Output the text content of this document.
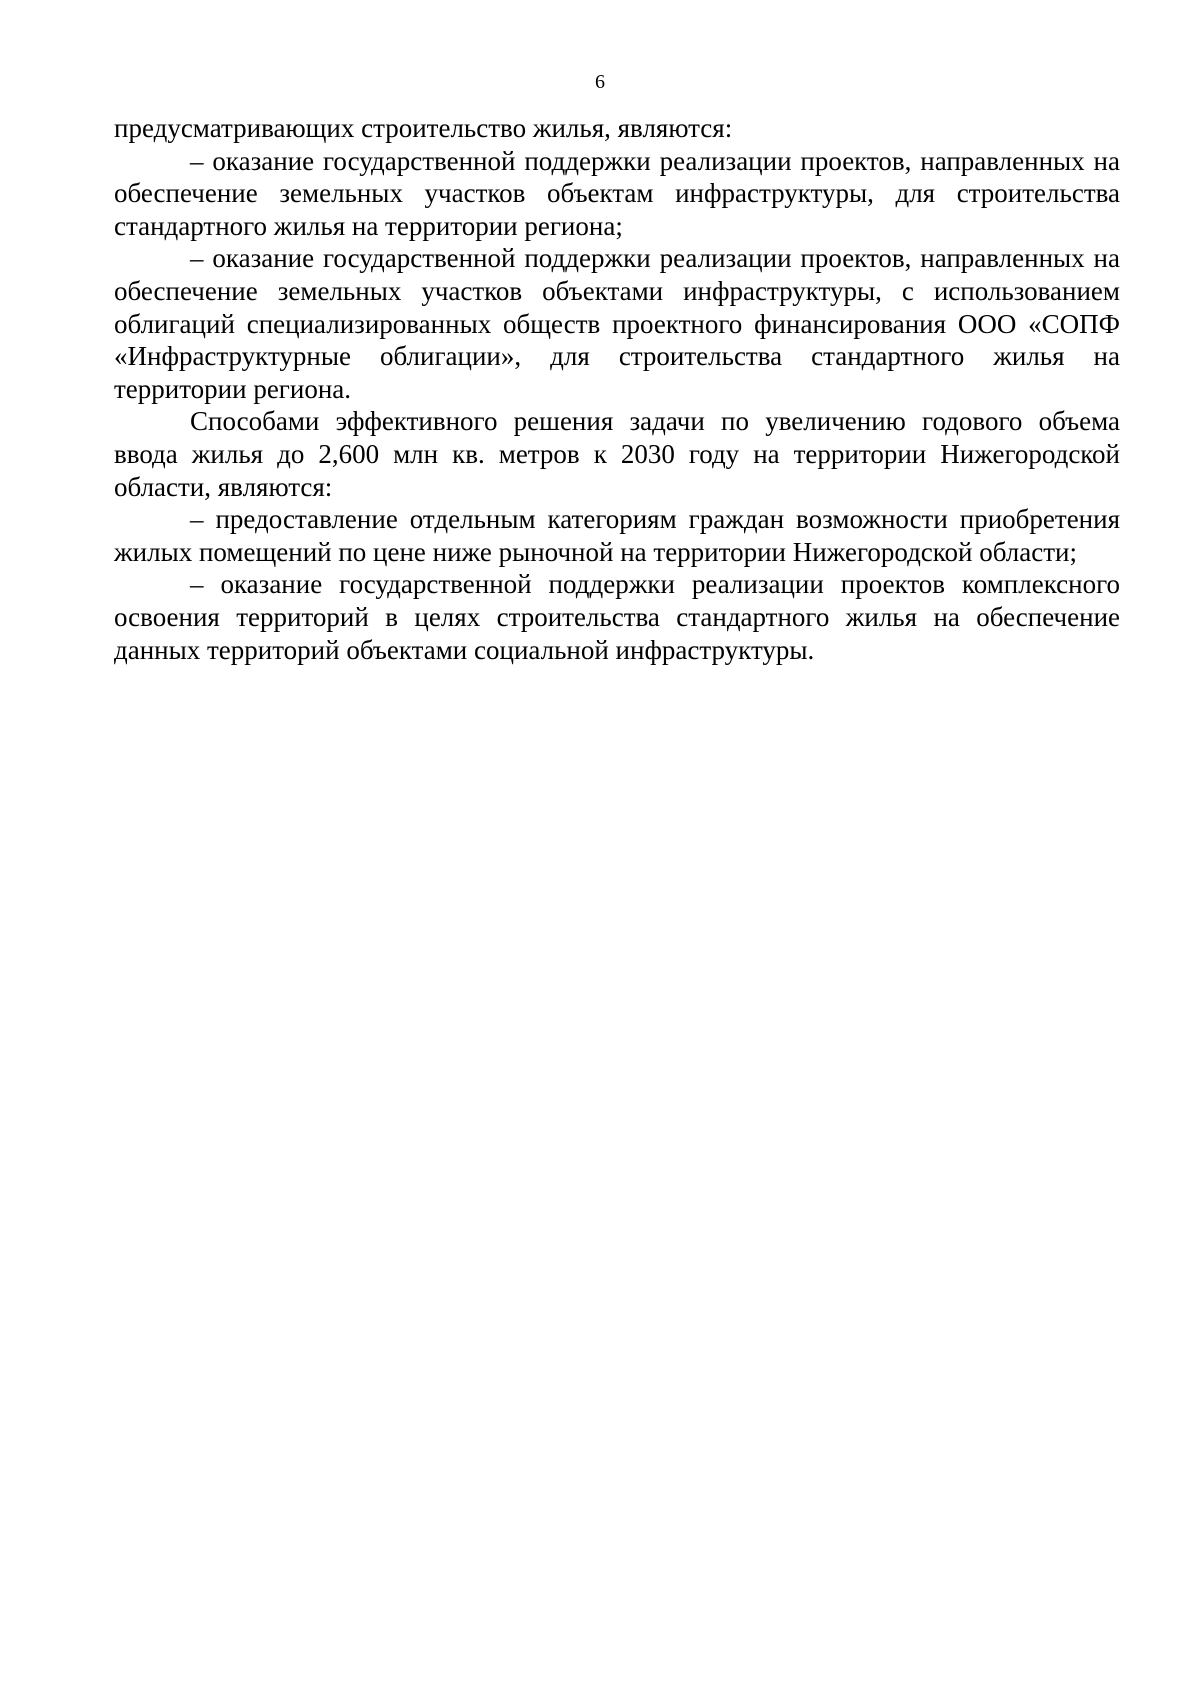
6

предусматривающих строительство жилья, являются:

– оказание государственной поддержки реализации проектов, направленных на обеспечение земельных участков объектам инфраструктуры, для строительства стандартного жилья на территории региона;

– оказание государственной поддержки реализации проектов, направленных на обеспечение земельных участков объектами инфраструктуры, с использованием облигаций специализированных обществ проектного финансирования ООО «СОПФ «Инфраструктурные облигации», для строительства стандартного жилья на территории региона.

Способами эффективного решения задачи по увеличению годового объема ввода жилья до 2,600 млн кв. метров к 2030 году на территории Нижегородской области, являются:

– предоставление отдельным категориям граждан возможности приобретения жилых помещений по цене ниже рыночной на территории Нижегородской области;

– оказание государственной поддержки реализации проектов комплексного освоения территорий в целях строительства стандартного жилья на обеспечение данных территорий объектами социальной инфраструктуры.
